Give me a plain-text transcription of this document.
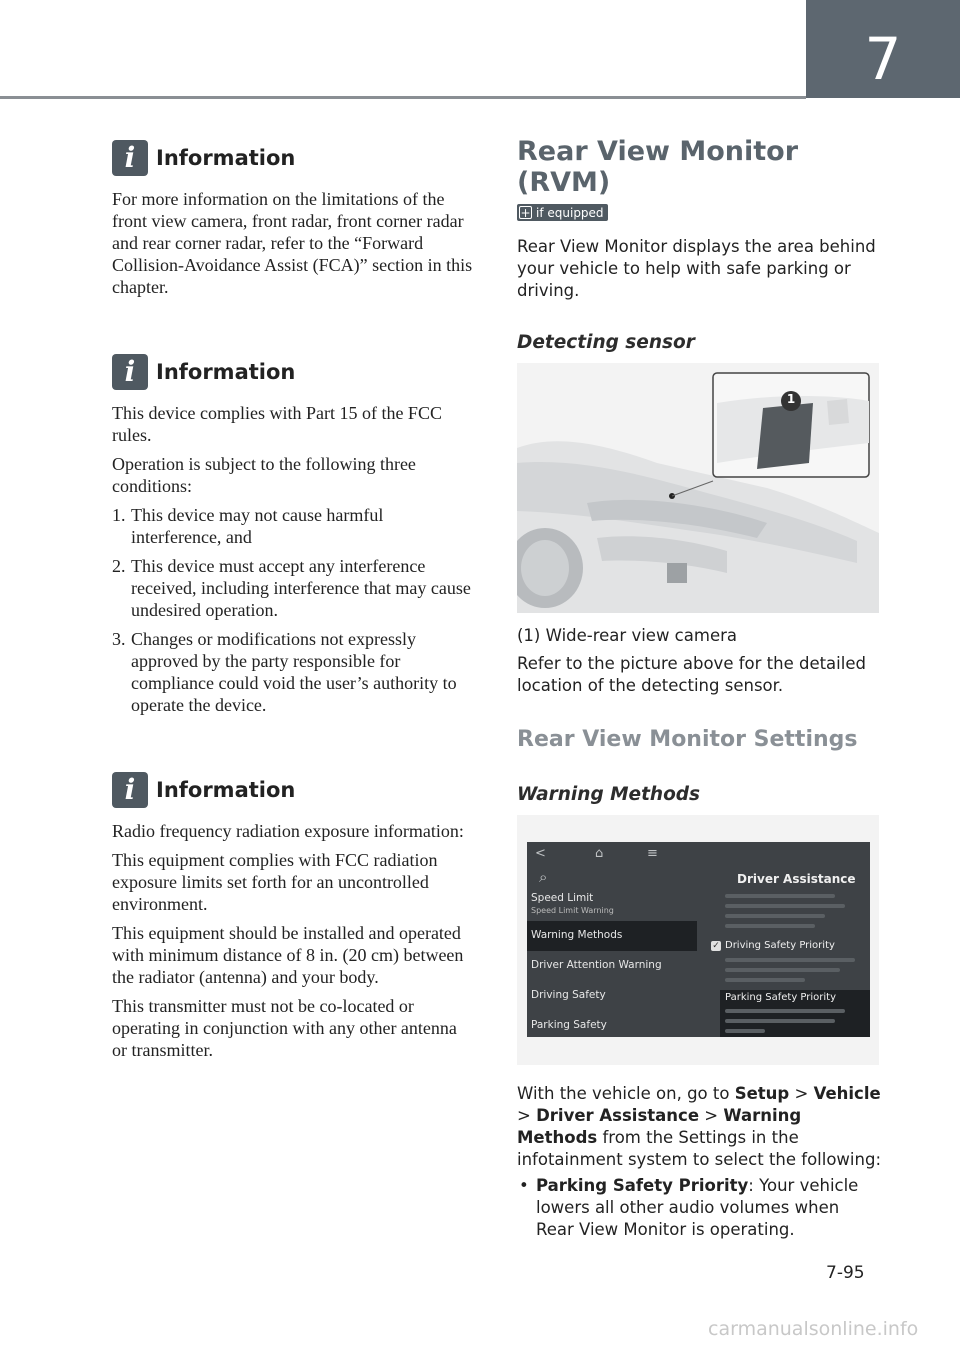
7
i Information

For more information on the limitations of the front view camera, front radar, front corner radar and rear corner radar, refer to the “Forward Collision-Avoidance Assist (FCA)” section in this chapter.

i Information

This device complies with Part 15 of the FCC rules.

Operation is subject to the following three conditions:

1. This device may not cause harmful interference, and
2. This device must accept any interference received, including interference that may cause undesired operation.
3. Changes or modifications not expressly approved by the party responsible for compliance could void the user’s authority to operate the device.
i Information

Radio frequency radiation exposure information:

This equipment complies with FCC radiation exposure limits set forth for an uncontrolled environment.

This equipment should be installed and operated with minimum distance of 8 in. (20 cm) between the radiator (antenna) and your body.

This transmitter must not be co-located or operating in conjunction with any other antenna or transmitter.

Rear View Monitor (RVM)
+ if equipped

Rear View Monitor displays the area behind your vehicle to help with safe parking or driving.

Detecting sensor
1

(1) Wide-rear view camera

Refer to the picture above for the detailed location of the detecting sensor.

Rear View Monitor Settings
Warning Methods
<	⌂	≡
⌕
Speed Limit
Speed Limit Warning
Warning Methods
Driver Attention Warning
Driving Safety
Parking Safety
Driver Assistance
✓ Driving Safety Priority
Parking Safety Priority

With the vehicle on, go to Setup > Vehicle > Driver Assistance > Warning Methods from the Settings in the infotainment system to select the following:

• Parking Safety Priority: Your vehicle lowers all other audio volumes when Rear View Monitor is operating.

7-95
carmanualsonline.info
